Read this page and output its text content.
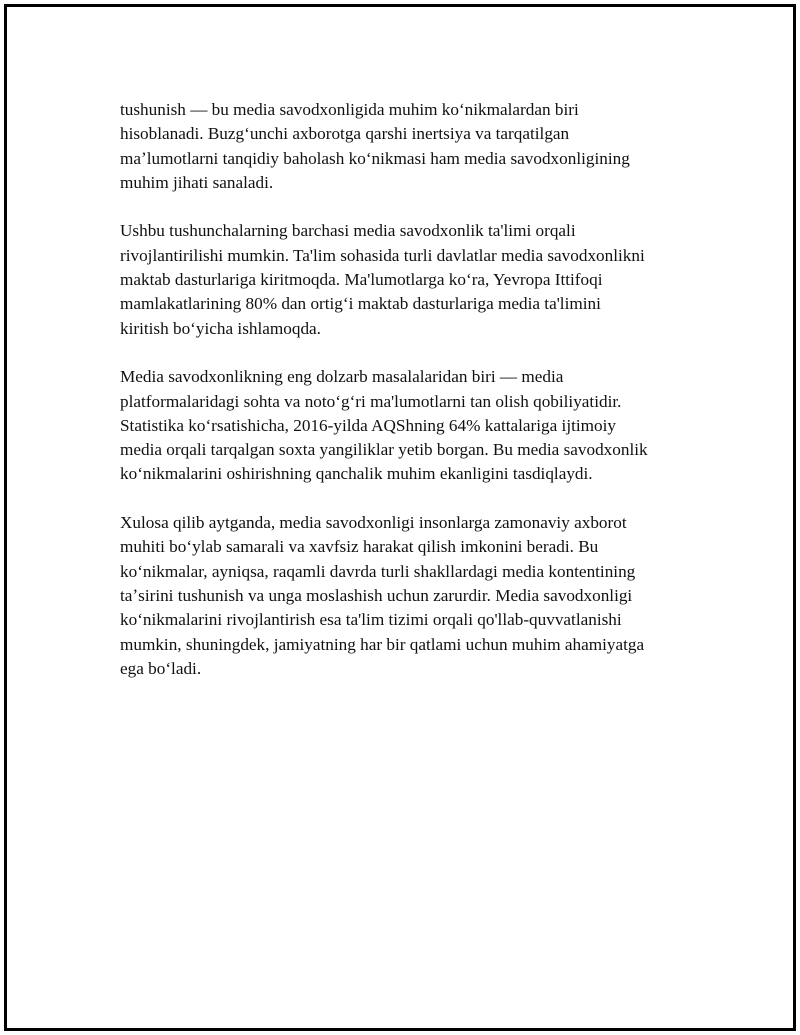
tushunish — bu media savodxonligida muhim koʻnikmalardan biri
hisoblanadi. Buzgʻunchi axborotga qarshi inertsiya va tarqatilgan
maʼlumotlarni tanqidiy baholash koʻnikmasi ham media savodxonligining
muhim jihati sanaladi.

Ushbu tushunchalarning barchasi media savodxonlik ta'limi orqali
rivojlantirilishi mumkin. Ta'lim sohasida turli davlatlar media savodxonlikni
maktab dasturlariga kiritmoqda. Ma'lumotlarga koʻra, Yevropa Ittifoqi
mamlakatlarining 80% dan ortigʻi maktab dasturlariga media ta'limini
kiritish boʻyicha ishlamoqda.

Media savodxonlikning eng dolzarb masalalaridan biri — media
platformalaridagi sohta va notoʻgʻri ma'lumotlarni tan olish qobiliyatidir.
Statistika koʻrsatishicha, 2016-yilda AQShning 64% kattalariga ijtimoiy
media orqali tarqalgan soxta yangiliklar yetib borgan. Bu media savodxonlik
koʻnikmalarini oshirishning qanchalik muhim ekanligini tasdiqlaydi.

Xulosa qilib aytganda, media savodxonligi insonlarga zamonaviy axborot
muhiti boʻylab samarali va xavfsiz harakat qilish imkonini beradi. Bu
koʻnikmalar, ayniqsa, raqamli davrda turli shakllardagi media kontentining
taʼsirini tushunish va unga moslashish uchun zarurdir. Media savodxonligi
koʻnikmalarini rivojlantirish esa ta'lim tizimi orqali qo'llab-quvvatlanishi
mumkin, shuningdek, jamiyatning har bir qatlami uchun muhim ahamiyatga
ega boʻladi.
